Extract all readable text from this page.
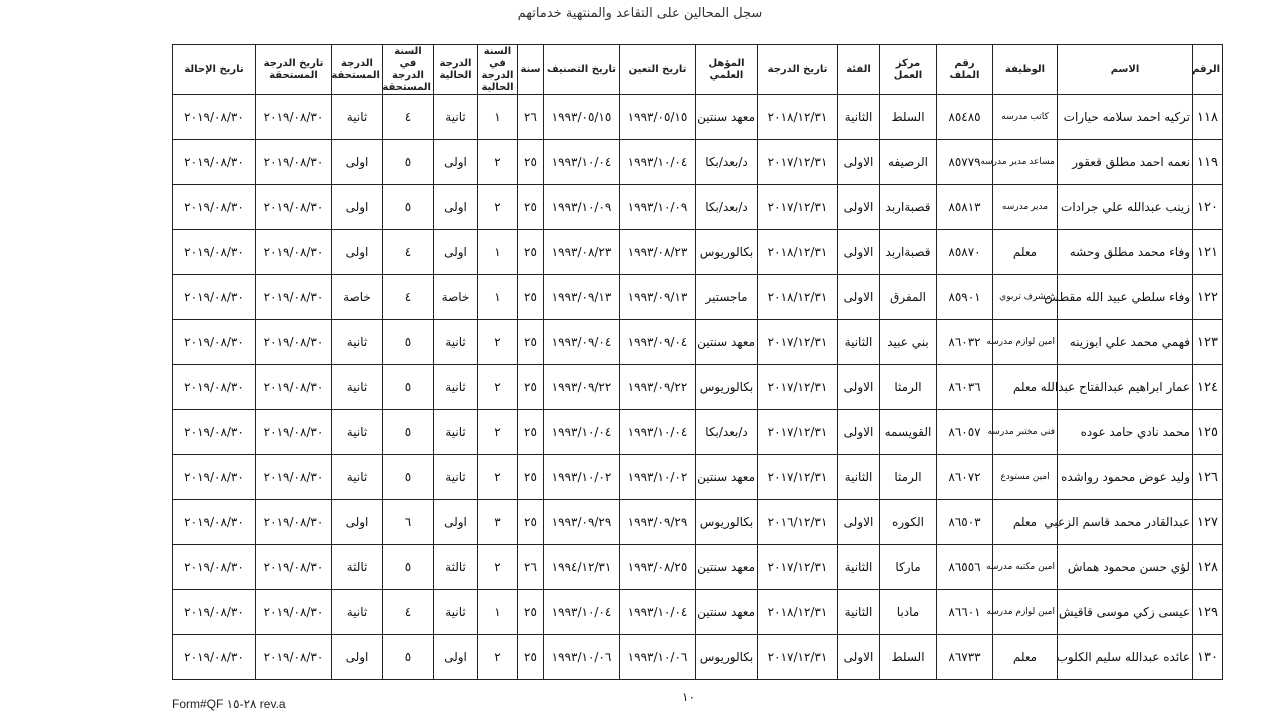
سجل المحالين على التقاعد والمنتهية خدماتهم
الرقم	الاسم	الوظيفة	رقم الملف	مركز العمل	الفئة	تاريخ الدرجة	المؤهل العلمي	تاريخ التعين	تاريخ التصنيف	سنة	السنة في الدرجة الحالية	الدرجة الحالية	السنة في الدرجة المستحقة	الدرجة المستحقة	تاريخ الدرجة المستحقة	تاريخ الإحالة
١١٨	تركيه احمد سلامه حيارات	كاتب مدرسه	٨٥٤٨٥	السلط	الثانية	٢٠١٨/١٢/٣١	معهد سنتين	١٩٩٣/٠٥/١٥	١٩٩٣/٠٥/١٥	٢٦	١	ثانية	٤	ثانية	٢٠١٩/٠٨/٣٠	٢٠١٩/٠٨/٣٠
١١٩	نعمه احمد مطلق قعقور	مساعد مدير مدرسه	٨٥٧٧٩	الرصيفه	الاولى	٢٠١٧/١٢/٣١	د/بعد/بكا	١٩٩٣/١٠/٠٤	١٩٩٣/١٠/٠٤	٢٥	٢	اولى	٥	اولى	٢٠١٩/٠٨/٣٠	٢٠١٩/٠٨/٣٠
١٢٠	زينب عبدالله علي جرادات	مدير مدرسه	٨٥٨١٣	قصبةاربد	الاولى	٢٠١٧/١٢/٣١	د/بعد/بكا	١٩٩٣/١٠/٠٩	١٩٩٣/١٠/٠٩	٢٥	٢	اولى	٥	اولى	٢٠١٩/٠٨/٣٠	٢٠١٩/٠٨/٣٠
١٢١	وفاء محمد مطلق وحشه	معلم	٨٥٨٧٠	قصبةاربد	الاولى	٢٠١٨/١٢/٣١	بكالوريوس	١٩٩٣/٠٨/٢٣	١٩٩٣/٠٨/٢٣	٢٥	١	اولى	٤	اولى	٢٠١٩/٠٨/٣٠	٢٠١٩/٠٨/٣٠
١٢٢	وفاء سلطي عبيد الله مقطش	مشرف تربوي	٨٥٩٠١	المفرق	الاولى	٢٠١٨/١٢/٣١	ماجستير	١٩٩٣/٠٩/١٣	١٩٩٣/٠٩/١٣	٢٥	١	خاصة	٤	خاصة	٢٠١٩/٠٨/٣٠	٢٠١٩/٠٨/٣٠
١٢٣	فهمي محمد علي ابوزينه	امين لوازم مدرسه	٨٦٠٣٢	بني عبيد	الثانية	٢٠١٧/١٢/٣١	معهد سنتين	١٩٩٣/٠٩/٠٤	١٩٩٣/٠٩/٠٤	٢٥	٢	ثانية	٥	ثانية	٢٠١٩/٠٨/٣٠	٢٠١٩/٠٨/٣٠
١٢٤	عمار ابراهيم عبدالفتاح عبدالله	معلم	٨٦٠٣٦	الرمثا	الاولى	٢٠١٧/١٢/٣١	بكالوريوس	١٩٩٣/٠٩/٢٢	١٩٩٣/٠٩/٢٢	٢٥	٢	ثانية	٥	ثانية	٢٠١٩/٠٨/٣٠	٢٠١٩/٠٨/٣٠
١٢٥	محمد نادي حامد عوده	فني مختبر مدرسه	٨٦٠٥٧	القويسمه	الاولى	٢٠١٧/١٢/٣١	د/بعد/بكا	١٩٩٣/١٠/٠٤	١٩٩٣/١٠/٠٤	٢٥	٢	ثانية	٥	ثانية	٢٠١٩/٠٨/٣٠	٢٠١٩/٠٨/٣٠
١٢٦	وليد عوض محمود رواشده	امين مستودع	٨٦٠٧٢	الرمثا	الثانية	٢٠١٧/١٢/٣١	معهد سنتين	١٩٩٣/١٠/٠٢	١٩٩٣/١٠/٠٢	٢٥	٢	ثانية	٥	ثانية	٢٠١٩/٠٨/٣٠	٢٠١٩/٠٨/٣٠
١٢٧	عبدالقادر محمد قاسم الزعبي	معلم	٨٦٥٠٣	الكوره	الاولى	٢٠١٦/١٢/٣١	بكالوريوس	١٩٩٣/٠٩/٢٩	١٩٩٣/٠٩/٢٩	٢٥	٣	اولى	٦	اولى	٢٠١٩/٠٨/٣٠	٢٠١٩/٠٨/٣٠
١٢٨	لؤي حسن محمود هماش	امين مكتبه مدرسه	٨٦٥٥٦	ماركا	الثانية	٢٠١٧/١٢/٣١	معهد سنتين	١٩٩٣/٠٨/٢٥	١٩٩٤/١٢/٣١	٢٦	٢	ثالثة	٥	ثالثة	٢٠١٩/٠٨/٣٠	٢٠١٩/٠٨/٣٠
١٢٩	عيسى زكي موسى قاقيش	امين لوازم مدرسه	٨٦٦٠١	مادبا	الثانية	٢٠١٨/١٢/٣١	معهد سنتين	١٩٩٣/١٠/٠٤	١٩٩٣/١٠/٠٤	٢٥	١	ثانية	٤	ثانية	٢٠١٩/٠٨/٣٠	٢٠١٩/٠٨/٣٠
١٣٠	عائده عبدالله سليم الكلوب	معلم	٨٦٧٣٣	السلط	الاولى	٢٠١٧/١٢/٣١	بكالوريوس	١٩٩٣/١٠/٠٦	١٩٩٣/١٠/٠٦	٢٥	٢	اولى	٥	اولى	٢٠١٩/٠٨/٣٠	٢٠١٩/٠٨/٣٠
١٠
Form#QF ٢٨-١٥ rev.a
